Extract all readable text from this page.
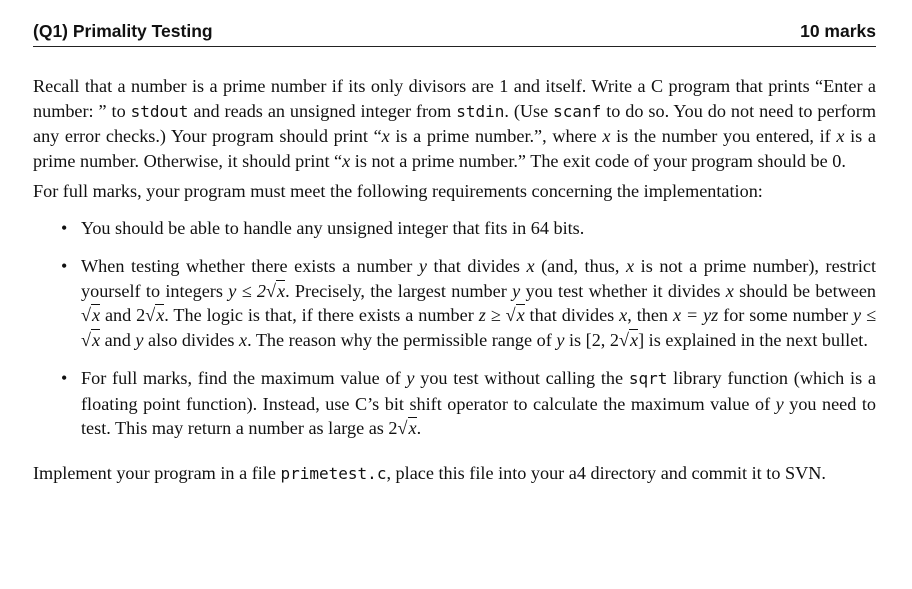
(Q1) Primality Testing	10 marks

Recall that a number is a prime number if its only divisors are 1 and itself. Write a C program that prints “Enter a number: ” to stdout and reads an unsigned integer from stdin. (Use scanf to do so. You do not need to perform any error checks.) Your program should print “x is a prime number.”, where x is the number you entered, if x is a prime number. Otherwise, it should print “x is not a prime number.” The exit code of your program should be 0.

For full marks, your program must meet the following requirements concerning the implementation:

• You should be able to handle any unsigned integer that fits in 64 bits.
• When testing whether there exists a number y that divides x (and, thus, x is not a prime number), restrict yourself to integers y ≤ 2√x. Precisely, the largest number y you test whether it divides x should be between √x and 2√x. The logic is that, if there exists a number z ≥ √x that divides x, then x = yz for some number y ≤ √x and y also divides x. The reason why the permissible range of y is [2, 2√x] is explained in the next bullet.
• For full marks, find the maximum value of y you test without calling the sqrt library function (which is a floating point function). Instead, use C’s bit shift operator to calculate the maximum value of y you need to test. This may return a number as large as 2√x.

Implement your program in a file primetest.c, place this file into your a4 directory and commit it to SVN.
